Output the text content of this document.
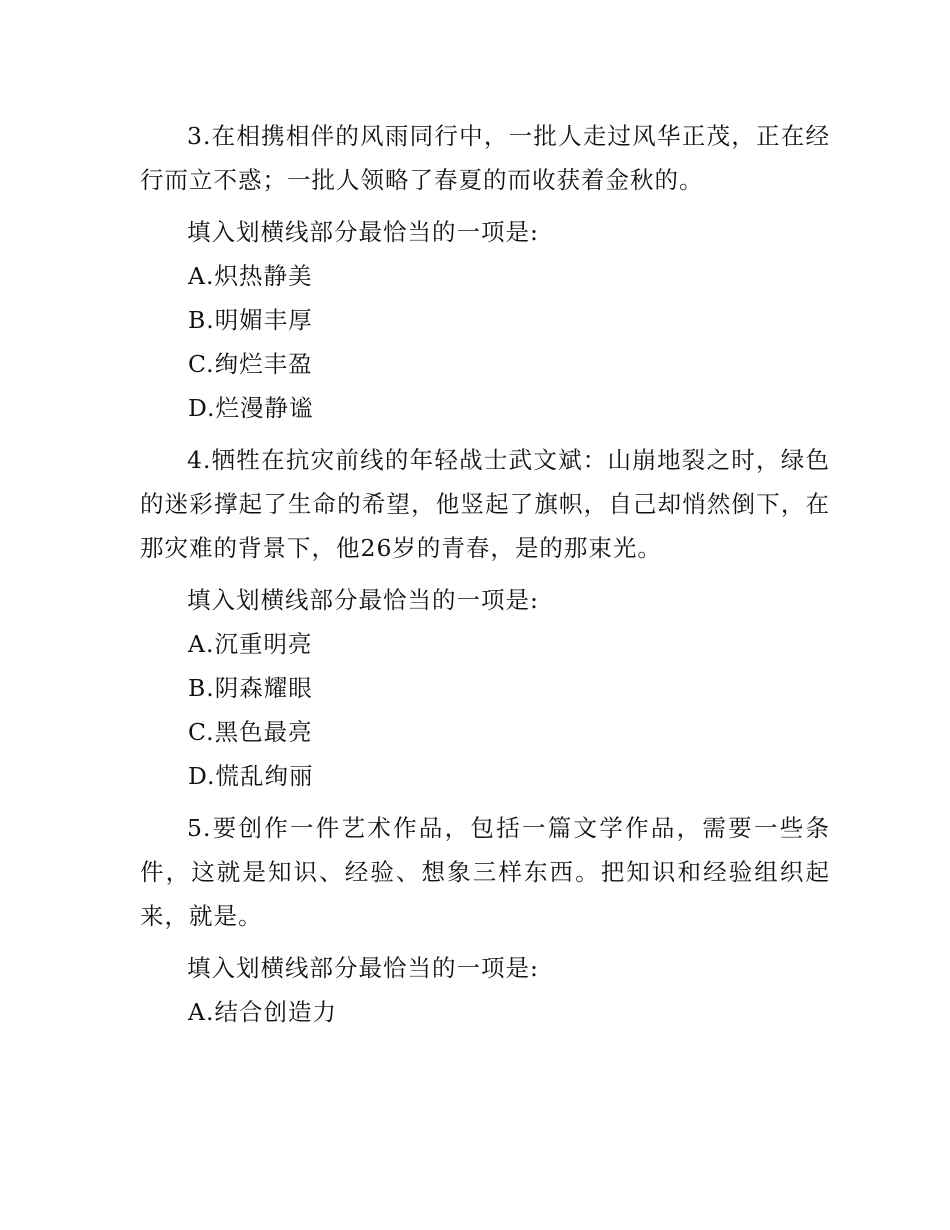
3.在相携相伴的风雨同行中，一批人走过风华正茂，正在经行而立不惑；一批人领略了春夏的而收获着金秋的。

填入划横线部分最恰当的一项是:

A.炽热静美

B.明媚丰厚

C.绚烂丰盈

D.烂漫静谧

4.牺牲在抗灾前线的年轻战士武文斌：山崩地裂之时，绿色的迷彩撑起了生命的希望，他竖起了旗帜，自己却悄然倒下，在那灾难的背景下，他26岁的青春，是的那束光。

填入划横线部分最恰当的一项是:

A.沉重明亮

B.阴森耀眼

C.黑色最亮

D.慌乱绚丽

5.要创作一件艺术作品，包括一篇文学作品，需要一些条件，这就是知识、经验、想象三样东西。把知识和经验组织起来，就是。

填入划横线部分最恰当的一项是:

A.结合创造力
